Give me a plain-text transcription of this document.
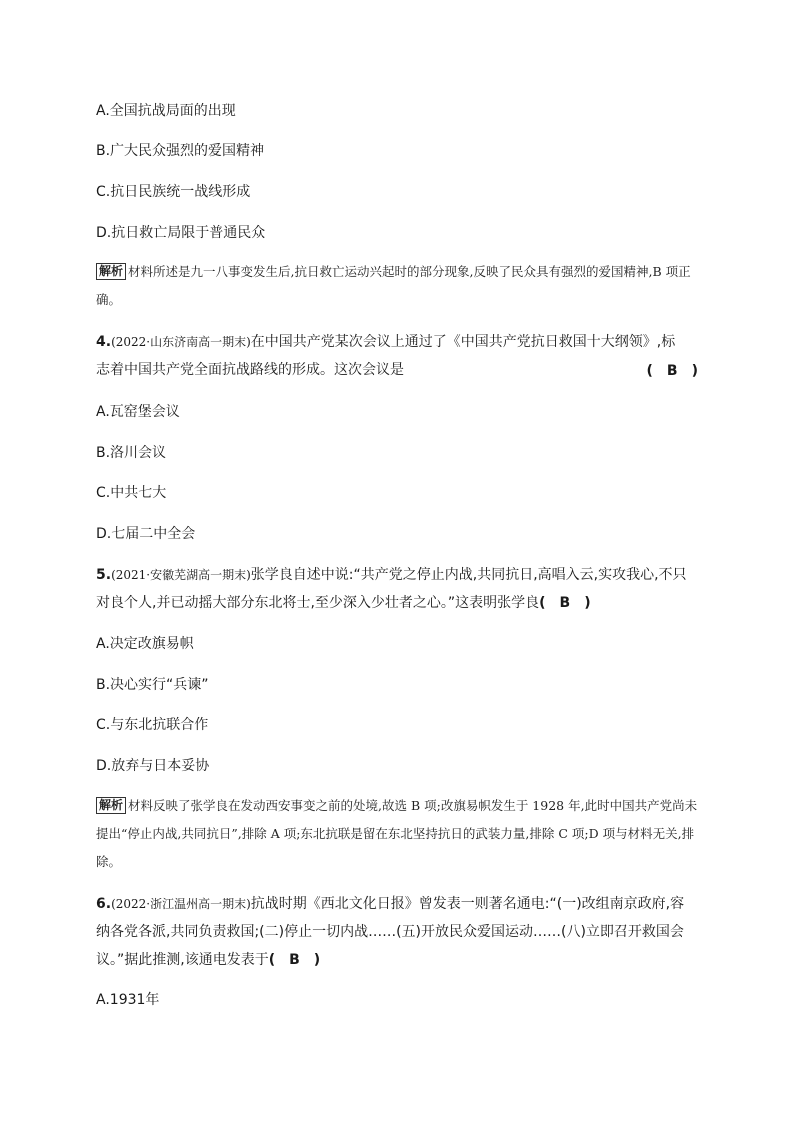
A.全国抗战局面的出现
B.广大民众强烈的爱国精神
C.抗日民族统一战线形成
D.抗日救亡局限于普通民众
解析 材料所述是九一八事变发生后,抗日救亡运动兴起时的部分现象,反映了民众具有强烈的爱国精神,B 项正确。
4.(2022·山东济南高一期末)在中国共产党某次会议上通过了《中国共产党抗日救国十大纲领》,标
志着中国共产党全面抗战路线的形成。这次会议是	(　B　)
A.瓦窑堡会议
B.洛川会议
C.中共七大
D.七届二中全会
5.(2021·安徽芜湖高一期末)张学良自述中说:“共产党之停止内战,共同抗日,高唱入云,实攻我心,不只
对良个人,并已动摇大部分东北将士,至少深入少壮者之心。”这表明张学良(　B　)
A.决定改旗易帜
B.决心实行“兵谏”
C.与东北抗联合作
D.放弃与日本妥协
解析 材料反映了张学良在发动西安事变之前的处境,故选 B 项;改旗易帜发生于 1928 年,此时中国共产党尚未提出“停止内战,共同抗日”,排除 A 项;东北抗联是留在东北坚持抗日的武装力量,排除 C 项;D 项与材料无关,排除。
6.(2022·浙江温州高一期末)抗战时期《西北文化日报》曾发表一则著名通电:“(一)改组南京政府,容
纳各党各派,共同负责救国;(二)停止一切内战……(五)开放民众爱国运动……(八)立即召开救国会
议。”据此推测,该通电发表于(　B　)
A.1931年
